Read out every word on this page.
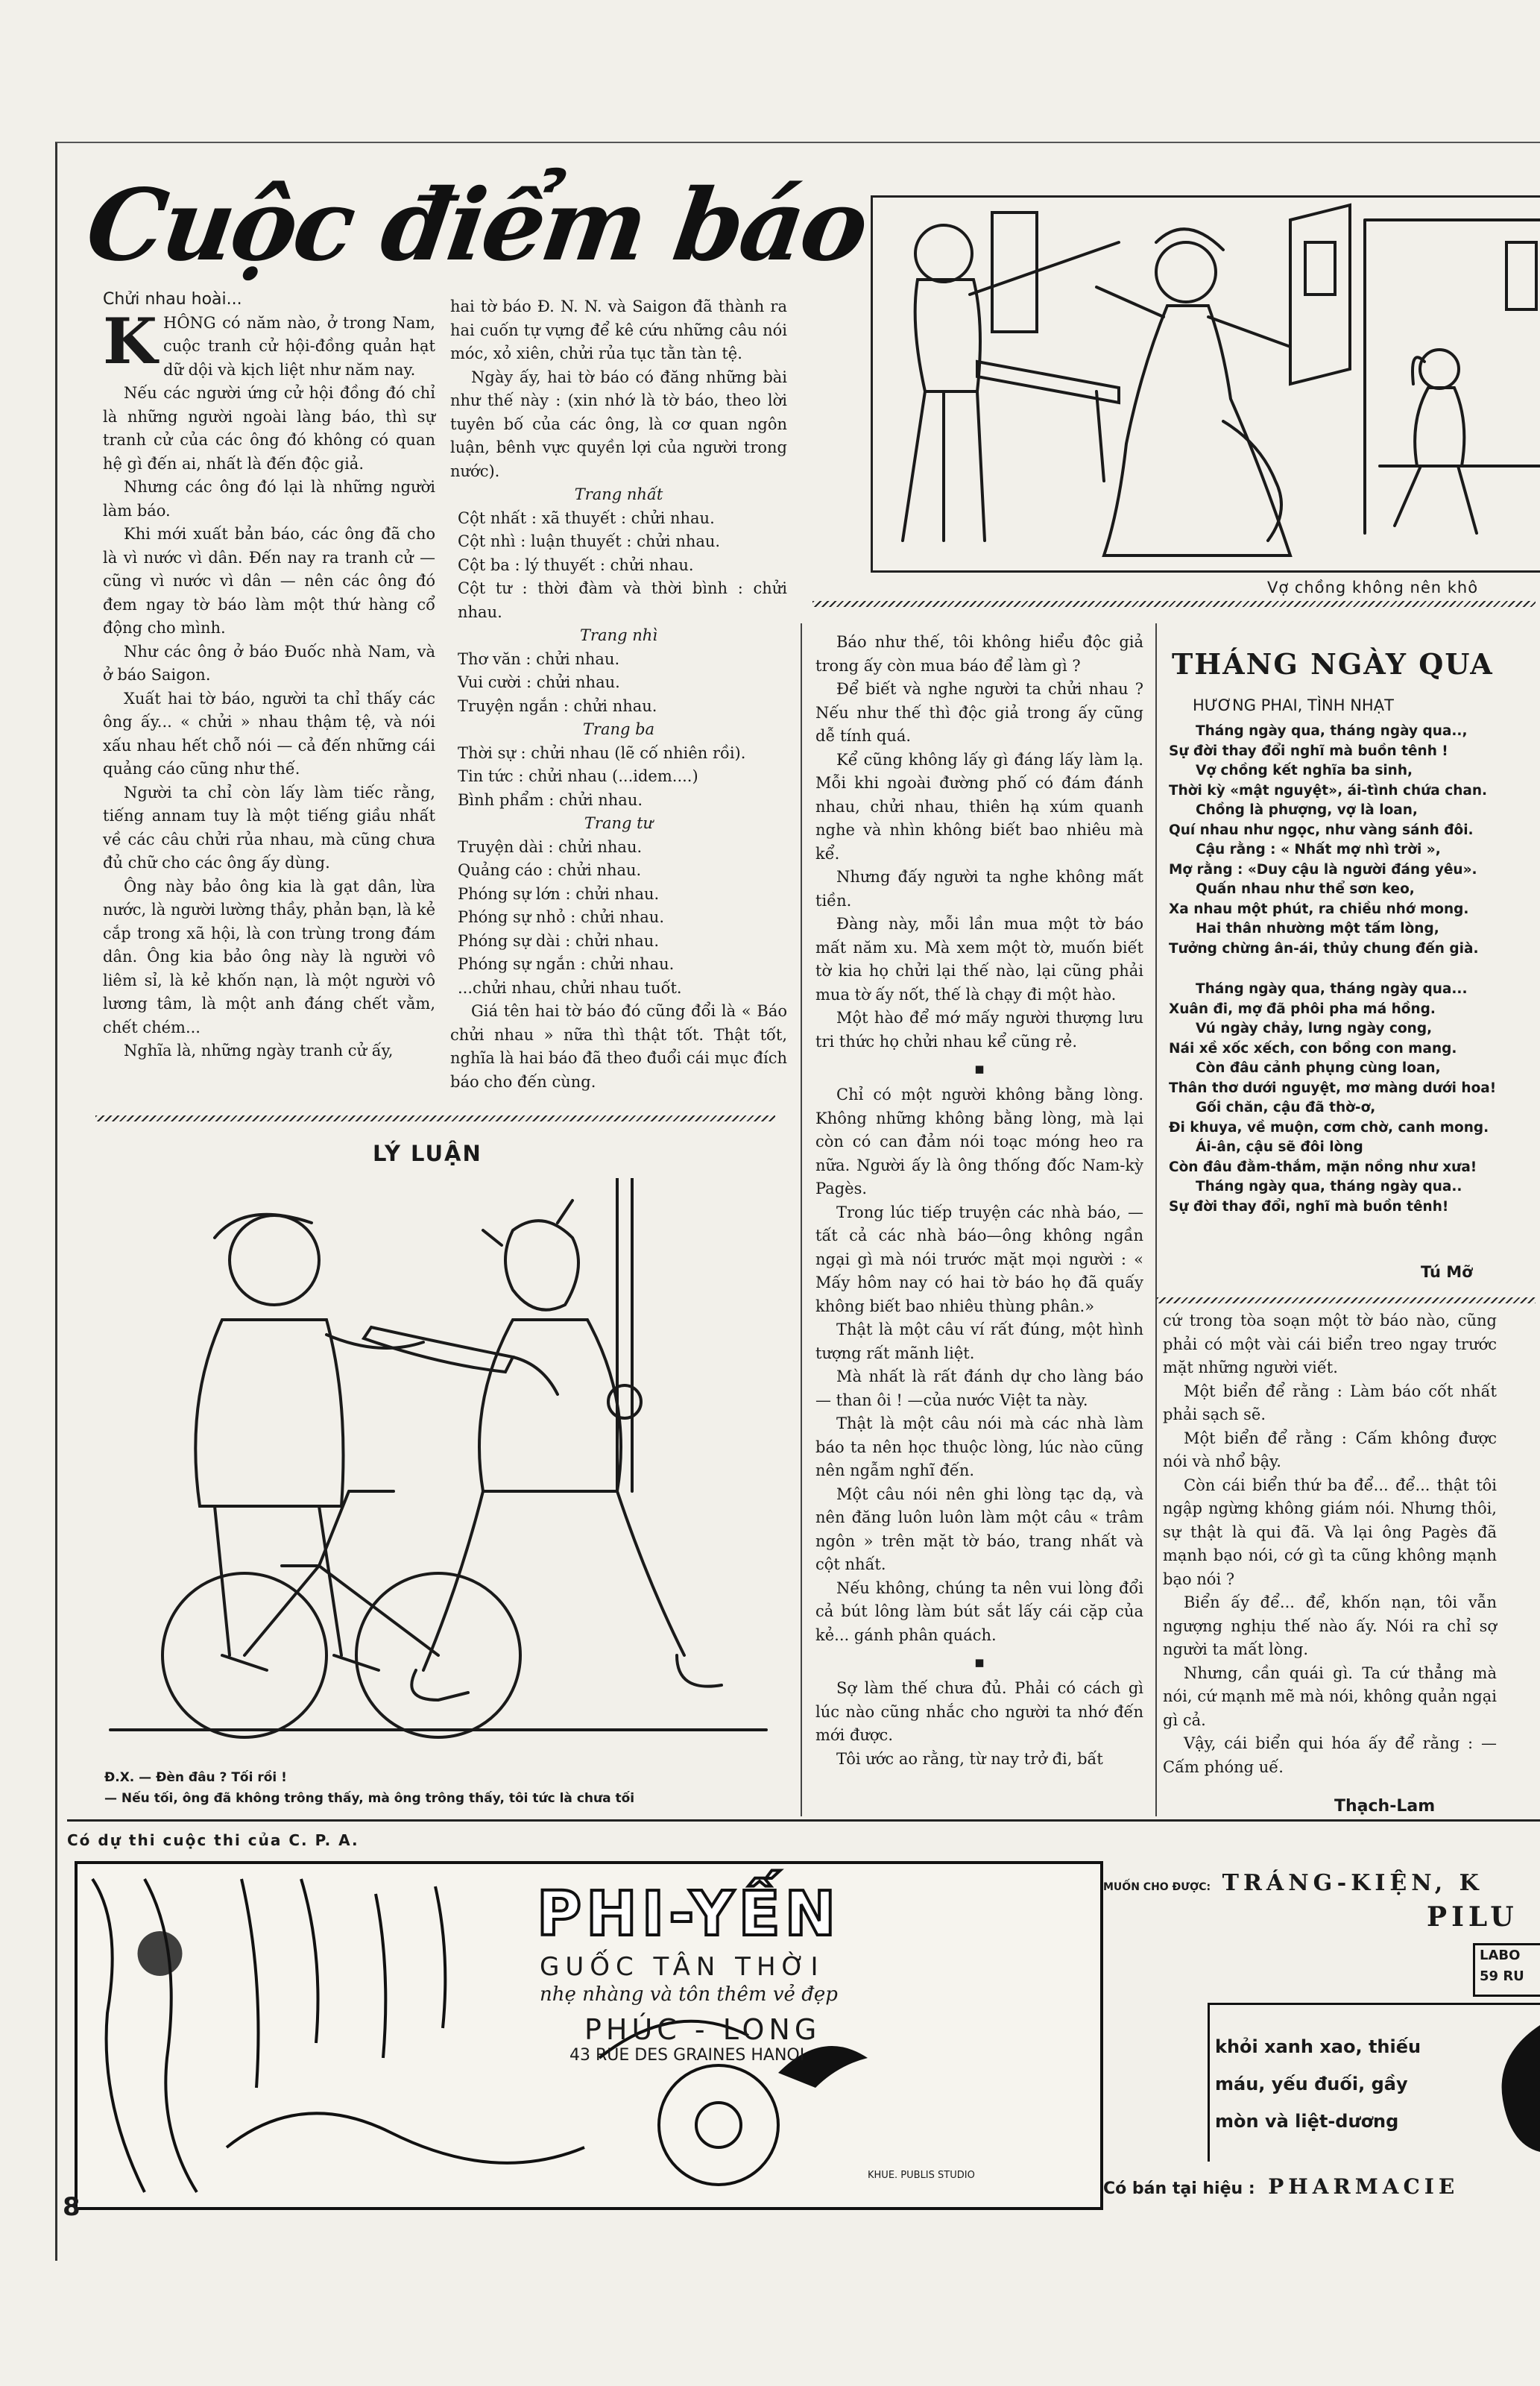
Cuộc điểm báo

Chửi nhau hoài...

KHÔNG có năm nào, ở trong Nam, cuộc tranh cử hội-đồng quản hạt dữ dội và kịch liệt như năm nay.

Nếu các người ứng cử hội đồng đó chỉ là những người ngoài làng báo, thì sự tranh cử của các ông đó không có quan hệ gì đến ai, nhất là đến độc giả.

Nhưng các ông đó lại là những người làm báo.

Khi mới xuất bản báo, các ông đã cho là vì nước vì dân. Đến nay ra tranh cử — cũng vì nước vì dân — nên các ông đó đem ngay tờ báo làm một thứ hàng cổ động cho mình.

Như các ông ở báo Đuốc nhà Nam, và ở báo Saigon.

Xuất hai tờ báo, người ta chỉ thấy các ông ấy... « chửi » nhau thậm tệ, và nói xấu nhau hết chỗ nói — cả đến những cái quảng cáo cũng như thế.

Người ta chỉ còn lấy làm tiếc rằng, tiếng annam tuy là một tiếng giầu nhất về các câu chửi rủa nhau, mà cũng chưa đủ chữ cho các ông ấy dùng.

Ông này bảo ông kia là gạt dân, lừa nước, là người lường thầy, phản bạn, là kẻ cắp trong xã hội, là con trùng trong đám dân. Ông kia bảo ông này là người vô liêm sỉ, là kẻ khốn nạn, là một người vô lương tâm, là một anh đáng chết vằm, chết chém...

Nghĩa là, những ngày tranh cử ấy,

hai tờ báo Đ. N. N. và Saigon đã thành ra hai cuốn tự vựng để kê cứu những câu nói móc, xỏ xiên, chửi rủa tục tằn tàn tệ.

Ngày ấy, hai tờ báo có đăng những bài như thế này : (xin nhớ là tờ báo, theo lời tuyên bố của các ông, là cơ quan ngôn luận, bênh vực quyền lợi của người trong nước).

Trang nhất

Cột nhất : xã thuyết : chửi nhau.

Cột nhì : luận thuyết : chửi nhau.

Cột ba : lý thuyết : chửi nhau.

Cột tư : thời đàm và thời bình : chửi nhau.

Trang nhì

Thơ văn : chửi nhau.

Vui cười : chửi nhau.

Truyện ngắn : chửi nhau.

Trang ba

Thời sự : chửi nhau (lẽ cố nhiên rồi).

Tin tức : chửi nhau (...idem....)

Bình phẩm : chửi nhau.

Trang tư

Truyện dài : chửi nhau.

Quảng cáo : chửi nhau.

Phóng sự lớn : chửi nhau.

Phóng sự nhỏ : chửi nhau.

Phóng sự dài : chửi nhau.

Phóng sự ngắn : chửi nhau.

...chửi nhau, chửi nhau tuốt.

Giá tên hai tờ báo đó cũng đổi là « Báo chửi nhau » nữa thì thật tốt. Thật tốt, nghĩa là hai báo đã theo đuổi cái mục đích báo cho đến cùng.

Vợ chồng không nên khô
LÝ LUẬN
Đ.X. — Đèn đâu ? Tối rồi !
— Nếu tối, ông đã không trông thấy, mà ông trông thấy, tôi tức là chưa tối

Báo như thế, tôi không hiểu độc giả trong ấy còn mua báo để làm gì ?

Để biết và nghe người ta chửi nhau ? Nếu như thế thì độc giả trong ấy cũng dễ tính quá.

Kể cũng không lấy gì đáng lấy làm lạ. Mỗi khi ngoài đường phố có đám đánh nhau, chửi nhau, thiên hạ xúm quanh nghe và nhìn không biết bao nhiêu mà kể.

Nhưng đấy người ta nghe không mất tiền.

Đàng này, mỗi lần mua một tờ báo mất năm xu. Mà xem một tờ, muốn biết tờ kia họ chửi lại thế nào, lại cũng phải mua tờ ấy nốt, thế là chạy đi một hào.

Một hào để mớ mấy người thượng lưu tri thức họ chửi nhau kể cũng rẻ.

▪

Chỉ có một người không bằng lòng. Không những không bằng lòng, mà lại còn có can đảm nói toạc móng heo ra nữa. Người ấy là ông thống đốc Nam-kỳ Pagès.

Trong lúc tiếp truyện các nhà báo, —tất cả các nhà báo—ông không ngần ngại gì mà nói trước mặt mọi người : « Mấy hôm nay có hai tờ báo họ đã quấy không biết bao nhiêu thùng phân.»

Thật là một câu ví rất đúng, một hình tượng rất mãnh liệt.

Mà nhất là rất đánh dự cho làng báo — than ôi ! —của nước Việt ta này.

Thật là một câu nói mà các nhà làm báo ta nên học thuộc lòng, lúc nào cũng nên ngẫm nghĩ đến.

Một câu nói nên ghi lòng tạc dạ, và nên đăng luôn luôn làm một câu « trâm ngôn » trên mặt tờ báo, trang nhất và cột nhất.

Nếu không, chúng ta nên vui lòng đổi cả bút lông làm bút sắt lấy cái cặp của kẻ... gánh phân quách.

▪

Sợ làm thế chưa đủ. Phải có cách gì lúc nào cũng nhắc cho người ta nhớ đến mới được.

Tôi ước ao rằng, từ nay trở đi, bất

THÁNG NGÀY QUA
HƯƠNG PHAI, TÌNH NHẠT
Tháng ngày qua, tháng ngày qua..,
Sự đời thay đổi nghĩ mà buồn tênh !
Vợ chồng kết nghĩa ba sinh,
Thời kỳ «mật nguyệt», ái-tình chứa chan.
Chồng là phượng, vợ là loan,
Quí nhau như ngọc, như vàng sánh đôi.
Cậu rằng : « Nhất mợ nhì trời »,
Mợ rằng : «Duy cậu là người đáng yêu».
Quấn nhau như thể sơn keo,
Xa nhau một phút, ra chiều nhớ mong.
Hai thân nhường một tấm lòng,
Tưởng chừng ân-ái, thủy chung đến già.
Tháng ngày qua, tháng ngày qua...
Xuân đi, mợ đã phôi pha má hồng.
Vú ngày chảy, lưng ngày cong,
Nái xề xốc xếch, con bồng con mang.
Còn đâu cảnh phụng cùng loan,
Thân thơ dưới nguyệt, mơ màng dưới hoa!
Gối chăn, cậu đã thờ-ơ,
Đi khuya, về muộn, cơm chờ, canh mong.
Ái-ân, cậu sẽ đôi lòng
Còn đâu đằm-thắm, mặn nồng như xưa!
Tháng ngày qua, tháng ngày qua..
Sự đời thay đổi, nghĩ mà buồn tênh!
Tú Mỡ

cứ trong tòa soạn một tờ báo nào, cũng phải có một vài cái biển treo ngay trước mặt những người viết.

Một biển để rằng : Làm báo cốt nhất phải sạch sẽ.

Một biển để rằng : Cấm không được nói và nhổ bậy.

Còn cái biển thứ ba để... để... thật tôi ngập ngừng không giám nói. Nhưng thôi, sự thật là qui đã. Và lại ông Pagès đã mạnh bạo nói, cớ gì ta cũng không mạnh bạo nói ?

Biển ấy để... để, khốn nạn, tôi vẫn ngượng nghịu thế nào ấy. Nói ra chỉ sợ người ta mất lòng.

Nhưng, cần quái gì. Ta cứ thẳng mà nói, cứ mạnh mẽ mà nói, không quản ngại gì cả.

Vậy, cái biển qui hóa ấy để rằng : — Cấm phóng uế.

Thạch-Lam
Có dự thi cuộc thi của C. P. A.
PHI-YẾN
GUỐC TÂN THỜI
nhẹ nhàng và tôn thêm vẻ đẹp
PHÚC - LONG
43 RUE DES GRAINES HANOI
KHUE. PUBLIS STUDIO
MUỐN CHO ĐƯỢC: TRÁNG-KIỆN, K
PILU
LABO
59 RU
khỏi xanh xao, thiếu
máu, yếu đuối, gầy
mòn và liệt-dương
Có bán tại hiệu : PHARMACIE
8
